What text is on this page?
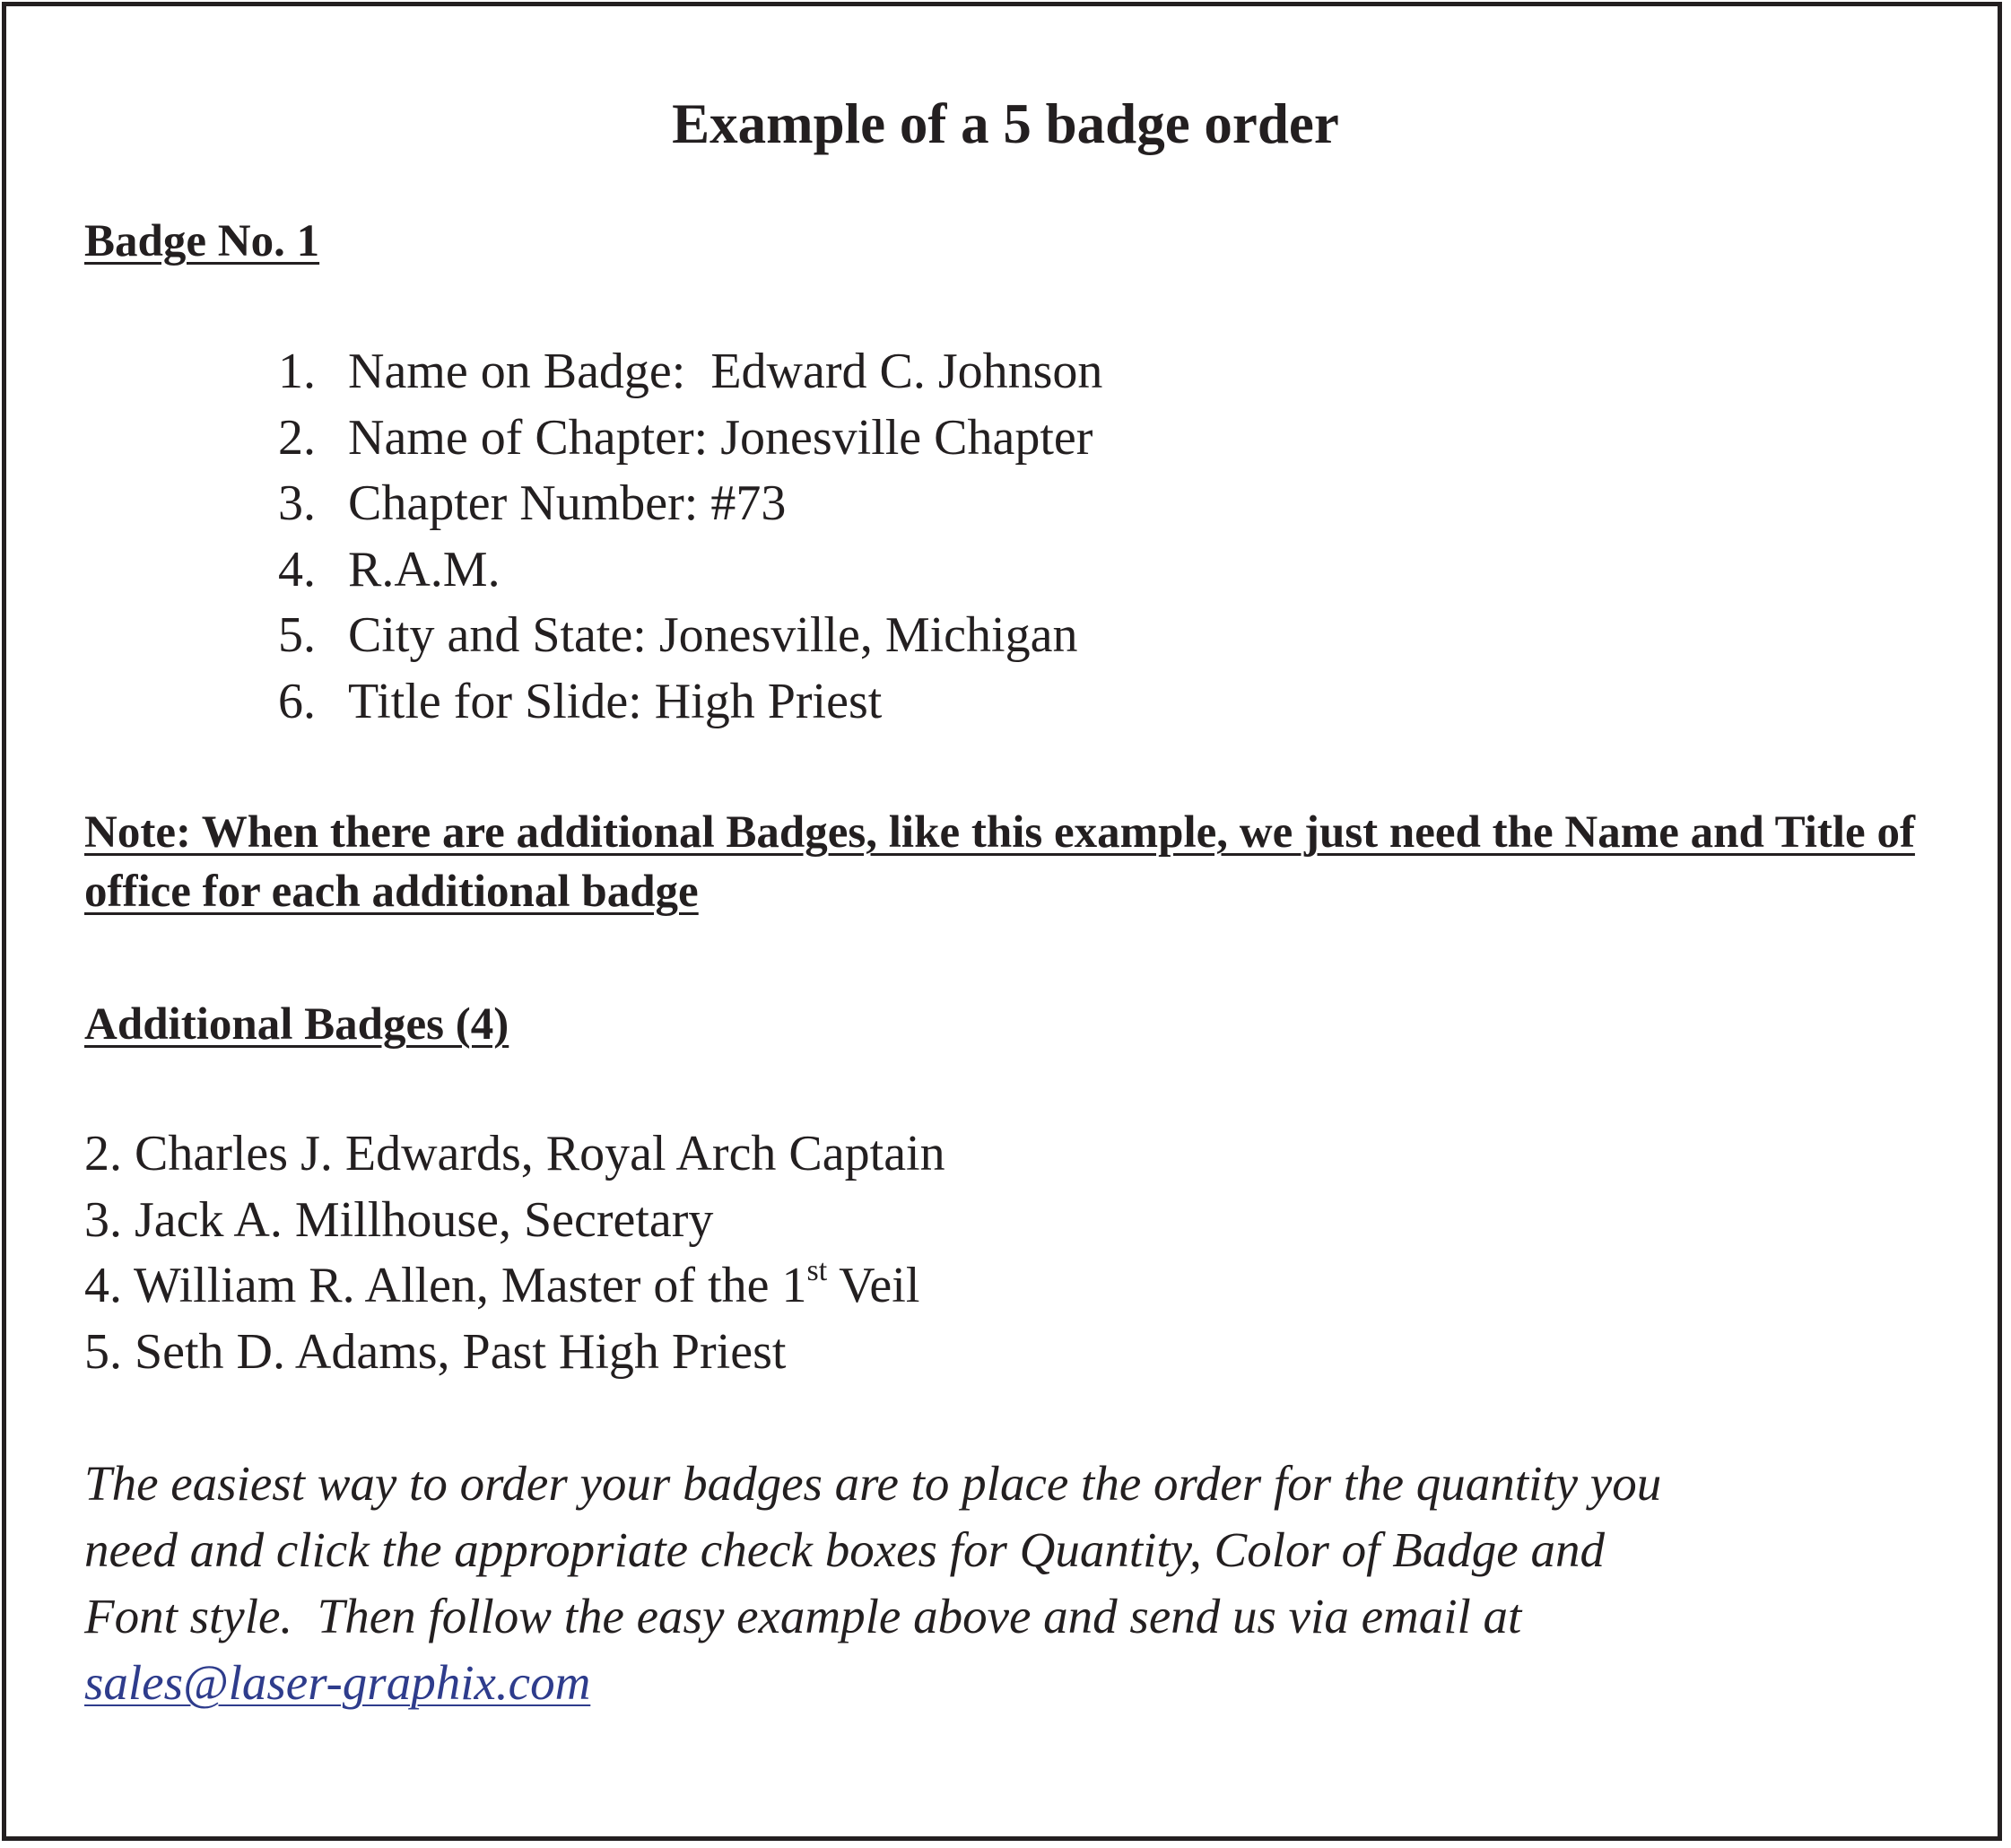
Example of a 5 badge order
Badge No. 1
1. Name on Badge:  Edward C. Johnson
2. Name of Chapter: Jonesville Chapter
3. Chapter Number: #73
4. R.A.M.
5. City and State: Jonesville, Michigan
6. Title for Slide: High Priest

Note: When there are additional Badges, like this example, we just need the Name and Title of office for each additional badge

Additional Badges (4)
2. Charles J. Edwards, Royal Arch Captain
3. Jack A. Millhouse, Secretary
4. William R. Allen, Master of the 1st Veil
5. Seth D. Adams, Past High Priest

The easiest way to order your badges are to place the order for the quantity you
need and click the appropriate check boxes for Quantity, Color of Badge and
Font style.  Then follow the easy example above and send us via email at
sales@laser-graphix.com
